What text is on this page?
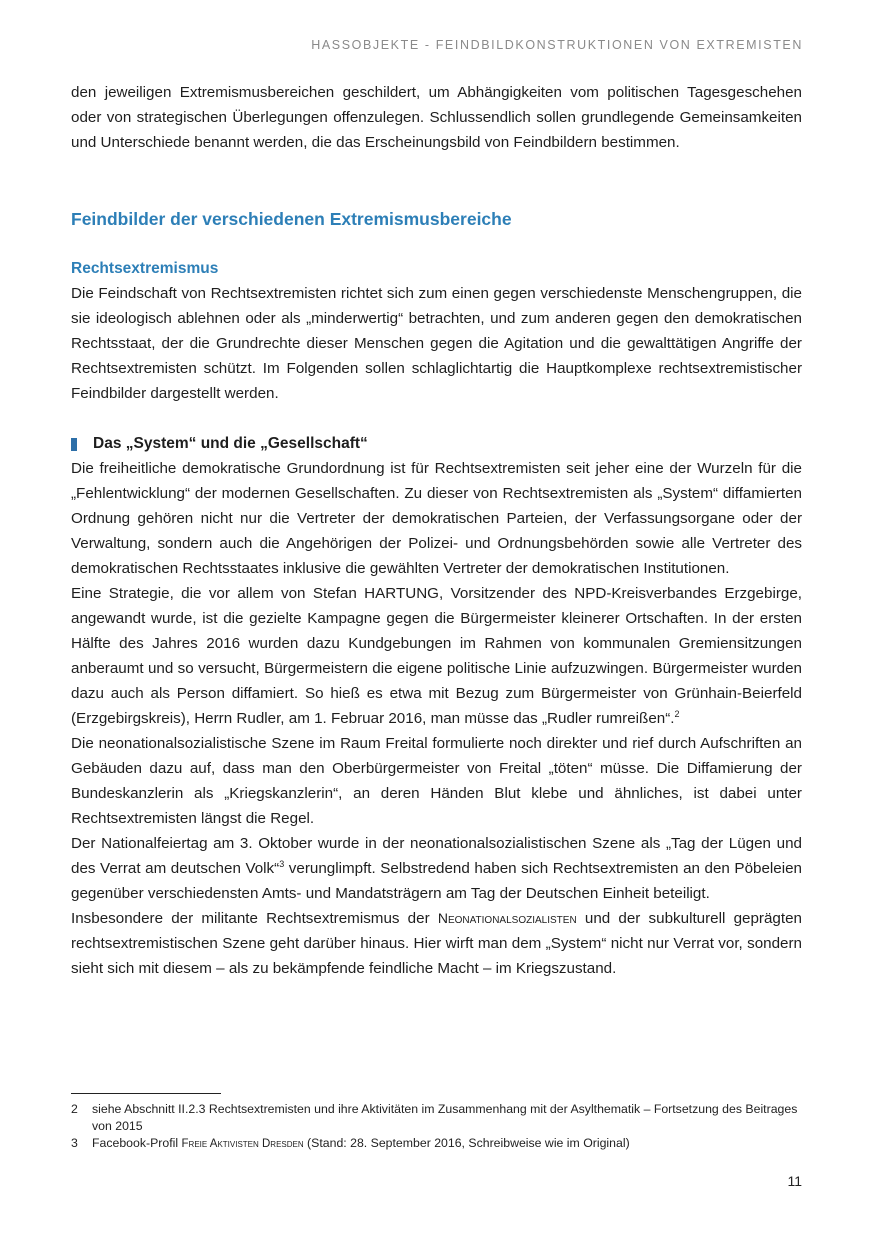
HASSOBJEKTE - FEINDBILDKONSTRUKTIONEN VON EXTREMISTEN

den jeweiligen Extremismusbereichen geschildert, um Abhängigkeiten vom politischen Tagesgeschehen oder von strategischen Überlegungen offenzulegen. Schlussendlich sollen grundlegende Gemeinsamkeiten und Unterschiede benannt werden, die das Erscheinungsbild von Feindbildern bestimmen.

Feindbilder der verschiedenen Extremismusbereiche
Rechtsextremismus

Die Feindschaft von Rechtsextremisten richtet sich zum einen gegen verschiedenste Menschengruppen, die sie ideologisch ablehnen oder als „minderwertig“ betrachten, und zum anderen gegen den demokratischen Rechtsstaat, der die Grundrechte dieser Menschen gegen die Agitation und die gewalttätigen Angriffe der Rechtsextremisten schützt. Im Folgenden sollen schlaglichtartig die Hauptkomplexe rechtsextremistischer Feindbilder dargestellt werden.

Das „System“ und die „Gesellschaft“

Die freiheitliche demokratische Grundordnung ist für Rechtsextremisten seit jeher eine der Wurzeln für die „Fehlentwicklung“ der modernen Gesellschaften. Zu dieser von Rechtsextremisten als „System“ diffamierten Ordnung gehören nicht nur die Vertreter der demokratischen Parteien, der Verfassungsorgane oder der Verwaltung, sondern auch die Angehörigen der Polizei- und Ordnungsbehörden sowie alle Vertreter des demokratischen Rechtsstaates inklusive die gewählten Vertreter der demokratischen Institutionen.

Eine Strategie, die vor allem von Stefan HARTUNG, Vorsitzender des NPD-Kreisverbandes Erzgebirge, angewandt wurde, ist die gezielte Kampagne gegen die Bürgermeister kleinerer Ortschaften. In der ersten Hälfte des Jahres 2016 wurden dazu Kundgebungen im Rahmen von kommunalen Gremiensitzungen anberaumt und so versucht, Bürgermeistern die eigene politische Linie aufzuzwingen. Bürgermeister wurden dazu auch als Person diffamiert. So hieß es etwa mit Bezug zum Bürgermeister von Grünhain-Beierfeld (Erzgebirgskreis), Herrn Rudler, am 1. Februar 2016, man müsse das „Rudler rumreißen“.$^2$

Die neonationalsozialistische Szene im Raum Freital formulierte noch direkter und rief durch Aufschriften an Gebäuden dazu auf, dass man den Oberbürgermeister von Freital „töten“ müsse. Die Diffamierung der Bundeskanzlerin als „Kriegskanzlerin“, an deren Händen Blut klebe und ähnliches, ist dabei unter Rechtsextremisten längst die Regel.

Der Nationalfeiertag am 3. Oktober wurde in der neonationalsozialistischen Szene als „Tag der Lügen und des Verrat am deutschen Volk“$^3$ verunglimpft. Selbstredend haben sich Rechtsextremisten an den Pöbeleien gegenüber verschiedensten Amts- und Mandatsträgern am Tag der Deutschen Einheit beteiligt.

Insbesondere der militante Rechtsextremismus der Neonationalsozialisten und der subkulturell geprägten rechtsextremistischen Szene geht darüber hinaus. Hier wirft man dem „System“ nicht nur Verrat vor, sondern sieht sich mit diesem – als zu bekämpfende feindliche Macht – im Kriegszustand.

2	siehe Abschnitt II.2.3 Rechtsextremisten und ihre Aktivitäten im Zusammenhang mit der Asylthematik – Fortsetzung des Beitrages von 2015
3	Facebook-Profil Freie Aktivisten Dresden (Stand: 28. September 2016, Schreibweise wie im Original)
11
